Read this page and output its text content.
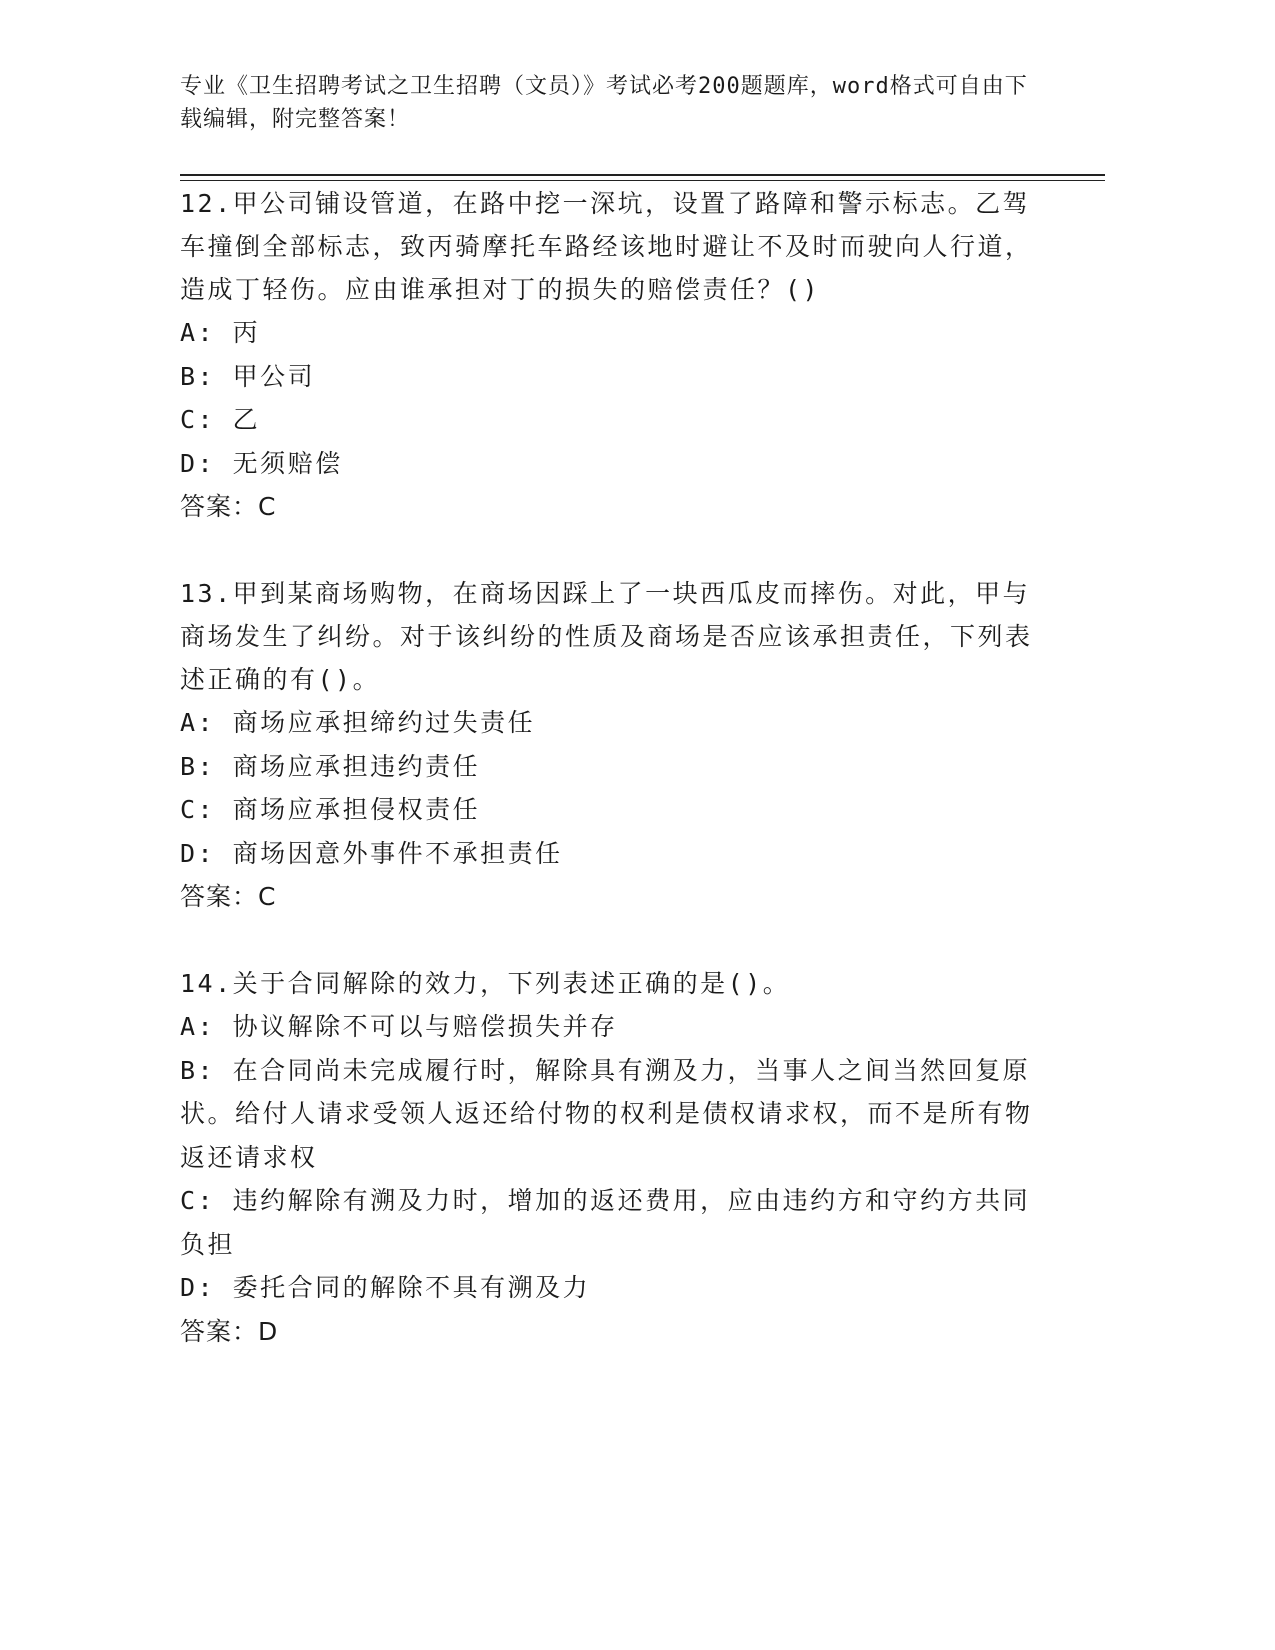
专业《卫生招聘考试之卫生招聘（文员）》考试必考200题题库，word格式可自由下载编辑，附完整答案！

12.甲公司铺设管道，在路中挖一深坑，设置了路障和警示标志。乙驾车撞倒全部标志，致丙骑摩托车路经该地时避让不及时而驶向人行道，造成丁轻伤。应由谁承担对丁的损失的赔偿责任？()

A: 丙

B: 甲公司

C: 乙

D: 无须赔偿

答案：C

13.甲到某商场购物，在商场因踩上了一块西瓜皮而摔伤。对此，甲与商场发生了纠纷。对于该纠纷的性质及商场是否应该承担责任，下列表述正确的有()。

A: 商场应承担缔约过失责任

B: 商场应承担违约责任

C: 商场应承担侵权责任

D: 商场因意外事件不承担责任

答案：C

14.关于合同解除的效力，下列表述正确的是()。

A: 协议解除不可以与赔偿损失并存

B: 在合同尚未完成履行时，解除具有溯及力，当事人之间当然回复原状。给付人请求受领人返还给付物的权利是债权请求权，而不是所有物返还请求权

C: 违约解除有溯及力时，增加的返还费用，应由违约方和守约方共同负担

D: 委托合同的解除不具有溯及力

答案：D
